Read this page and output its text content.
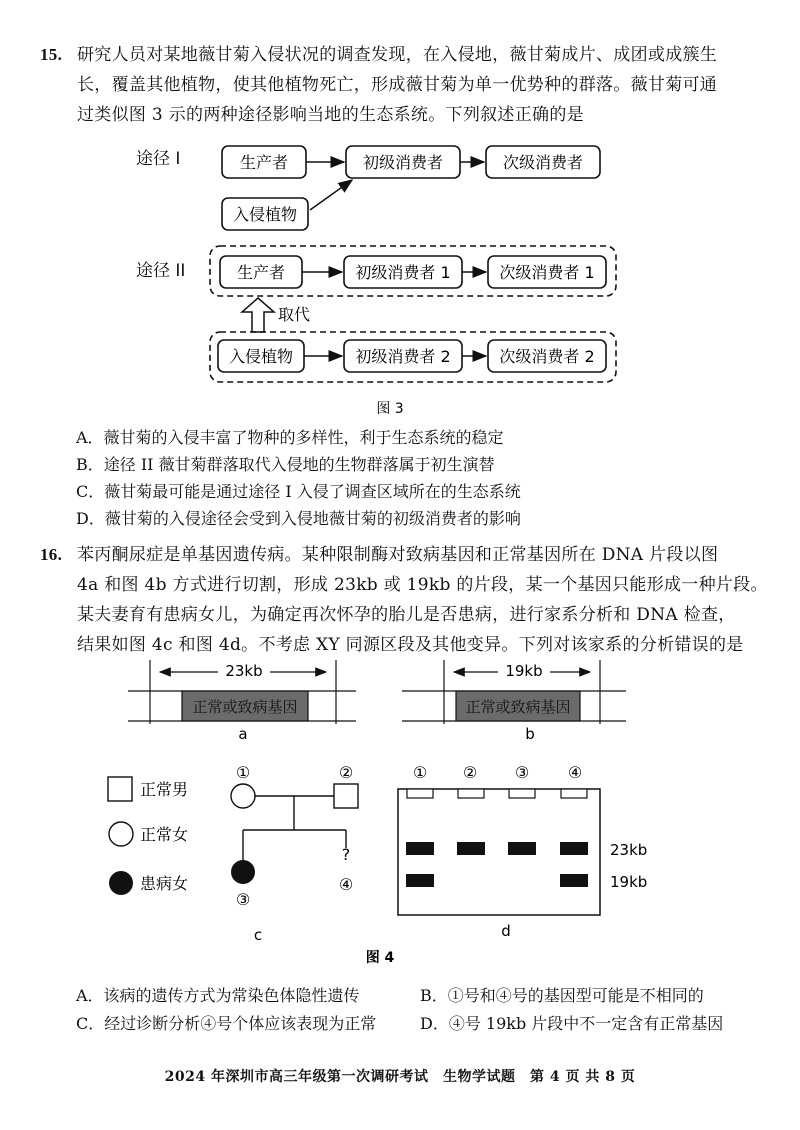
15. 研究人员对某地薇甘菊入侵状况的调查发现，在入侵地，薇甘菊成片、成团或成簇生
长，覆盖其他植物，使其他植物死亡，形成薇甘菊为单一优势种的群落。薇甘菊可通
过类似图 3 示的两种途径影响当地的生态系统。下列叙述正确的是
途径 I	生产者	初级消费者	次级消费者
入侵植物
途径 II	生产者	初级消费者 1	次级消费者 1
取代
入侵植物	初级消费者 2	次级消费者 2
图 3
A．薇甘菊的入侵丰富了物种的多样性，利于生态系统的稳定
B．途径 II 薇甘菊群落取代入侵地的生物群落属于初生演替
C．薇甘菊最可能是通过途径 I 入侵了调查区域所在的生态系统
D．薇甘菊的入侵途径会受到入侵地薇甘菊的初级消费者的影响
16. 苯丙酮尿症是单基因遗传病。某种限制酶对致病基因和正常基因所在 DNA 片段以图
4a 和图 4b 方式进行切割，形成 23kb 或 19kb 的片段，某一个基因只能形成一种片段。
某夫妻育有患病女儿，为确定再次怀孕的胎儿是否患病，进行家系分析和 DNA 检查，
结果如图 4c 和图 4d。不考虑 XY 同源区段及其他变异。下列对该家系的分析错误的是
23kb
正常或致病基因
a
19kb
正常或致病基因
b
正常男
正常女
患病女
①	②
?
③
④
c
① ② ③ ④
23kb
19kb
d
图 4
A．该病的遗传方式为常染色体隐性遗传	B．①号和④号的基因型可能是不相同的
C．经过诊断分析④号个体应该表现为正常	D．④号 19kb 片段中不一定含有正常基因
2024 年深圳市高三年级第一次调研考试　生物学试题　第 4 页 共 8 页
